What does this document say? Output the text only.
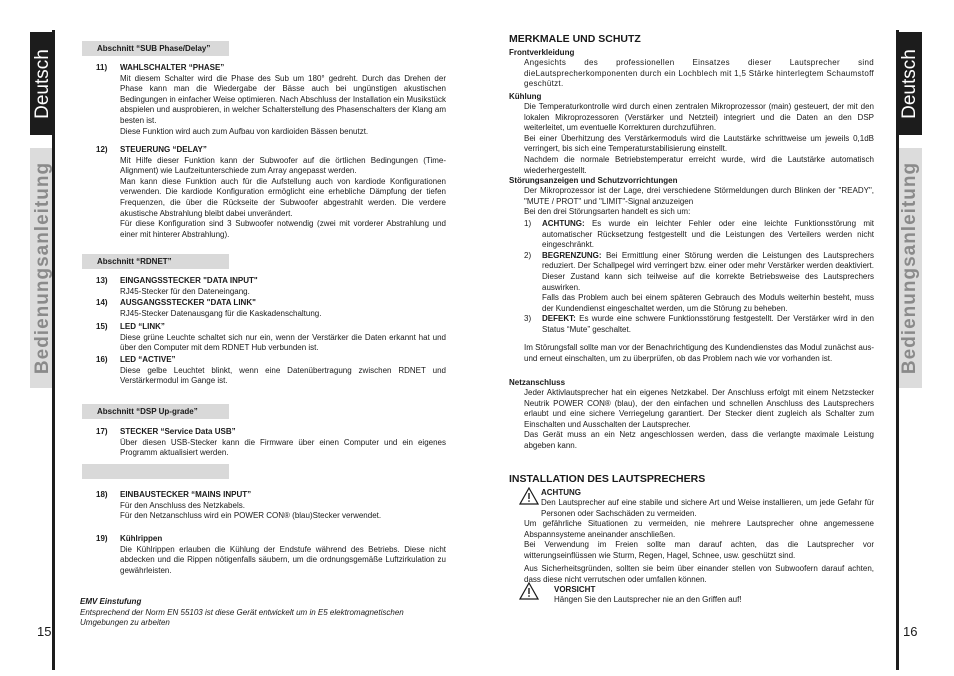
Deutsch
Bedienungsanleitung
15
Abschnitt “SUB Phase/Delay”
11) WAHLSCHALTER “PHASE”
Mit diesem Schalter wird die Phase des Sub um 180° gedreht. Durch das Drehen der Phase kann man die Wiedergabe der Bässe auch bei ungünstigen akustischen Bedingungen in einfacher Weise optimieren. Nach Abschluss der Installation ein Musikstück abspielen und ausprobieren, in welcher Schalterstellung des Phasenschalters der Klang am besten ist.
Diese Funktion wird auch zum Aufbau von kardioiden Bässen benutzt.
12) STEUERUNG “DELAY”
Mit Hilfe dieser Funktion kann der Subwoofer auf die örtlichen Bedingungen (Time-Alignment) wie Laufzeitunterschiede zum Array angepasst werden.
Man kann diese Funktion auch für die Aufstellung auch von kardiode Konfigurationen verwenden. Die kardiode Konfiguration ermöglicht eine erhebliche Dämpfung der tiefen Frequenzen, die über die Rückseite der Subwoofer abgestrahlt werden. Die verdere akustische Abstrahlung bleibt dabei unverändert.
Für diese Konfiguration sind 3 Subwoofer notwendig (zwei mit vorderer Abstrahlung und einer mit hinterer Abstrahlung).
Abschnitt “RDNET”
13) EINGANGSSTECKER "DATA INPUT"
RJ45-Stecker für den Dateneingang.
14) AUSGANGSSTECKER "DATA LINK"
RJ45-Stecker Datenausgang für die Kaskadenschaltung.
15) LED “LINK”
Diese grüne Leuchte schaltet sich nur ein, wenn der Verstärker die Daten erkannt hat und über den Computer mit dem RDNET Hub verbunden ist.
16) LED “ACTIVE”
Diese gelbe Leuchtet blinkt, wenn eine Datenübertragung zwischen RDNET und Verstärkermodul im Gange ist.
Abschnitt “DSP Up-grade”
17) STECKER “Service Data USB”
Über diesen USB-Stecker kann die Firmware über einen Computer und ein eigenes Programm aktualisiert werden.
18) EINBAUSTECKER “MAINS INPUT”
Für den Anschluss des Netzkabels.
Für den Netzanschluss wird ein POWER CON® (blau)Stecker verwendet.
19) Kühlrippen
Die Kühlrippen erlauben die Kühlung der Endstufe während des Betriebs. Diese nicht abdecken und die Rippen nötigenfalls säubern, um die ordnungsgemäße Luftzirkulation zu gewährleisten.
EMV Einstufung
Entsprechend der Norm EN 55103 ist diese Gerät entwickelt um in E5 elektromagnetischen Umgebungen zu arbeiten
Deutsch
Bedienungsanleitung
16
MERKMALE UND SCHUTZ
Frontverkleidung
Angesichts des professionellen Einsatzes dieser Lautsprecher sind dieLautsprecherkomponenten durch ein Lochblech mit 1,5 Stärke hinterlegtem Schaumstoff geschützt.
Kühlung
Die Temperaturkontrolle wird durch einen zentralen Mikroprozessor (main) gesteuert, der mit den lokalen Mikroprozessoren (Verstärker und Netzteil) integriert und die Daten an den DSP weiterleitet, um eventuelle Korrekturen durchzuführen.
Bei einer Überhitzung des Verstärkermoduls wird die Lautstärke schrittweise um jeweils 0,1dB verringert, bis sich eine Temperaturstabilisierung einstellt.
Nachdem die normale Betriebstemperatur erreicht wurde, wird die Lautstärke automatisch wiederhergestellt.
Störungsanzeigen und Schutzvorrichtungen
Der Mikroprozessor ist der Lage, drei verschiedene Störmeldungen durch Blinken der "READY", "MUTE / PROT" und "LIMIT"-Signal anzuzeigen
Bei den drei Störungsarten handelt es sich um:
1) ACHTUNG: Es wurde ein leichter Fehler oder eine leichte Funktionsstörung mit automatischer Rücksetzung festgestellt und die Leistungen des Verteilers werden nicht eingeschränkt.
2) BEGRENZUNG: Bei Ermittlung einer Störung werden die Leistungen des Lautsprechers reduziert. Der Schallpegel wird verringert bzw. einer oder mehr Verstärker werden deaktiviert. Dieser Zustand kann sich teilweise auf die korrekte Betriebsweise des Lautsprechers auswirken.
Falls das Problem auch bei einem späteren Gebrauch des Moduls weiterhin besteht, muss der Kundendienst eingeschaltet werden, um die Störung zu beheben.
3) DEFEKT: Es wurde eine schwere Funktionsstörung festgestellt. Der Verstärker wird in den Status “Mute” geschaltet.
Im Störungsfall sollte man vor der Benachrichtigung des Kundendienstes das Modul zunächst aus- und erneut einschalten, um zu überprüfen, ob das Problem nach wie vor vorhanden ist.
Netzanschluss
Jeder Aktivlautsprecher hat ein eigenes Netzkabel. Der Anschluss erfolgt mit einem Netzstecker Neutrik POWER CON® (blau), der den einfachen und schnellen Anschluss des Lautsprechers erlaubt und eine sichere Verriegelung garantiert. Der Stecker dient zugleich als Schalter zum Einschalten und Ausschalten der Lautsprecher.
Das Gerät muss an ein Netz angeschlossen werden, dass die verlangte maximale Leistung abgeben kann.
INSTALLATION DES LAUTSPRECHERS
ACHTUNG
Den Lautsprecher auf eine stabile und sichere Art und Weise installieren, um jede Gefahr für Personen oder Sachschäden zu vermeiden.
Um gefährliche Situationen zu vermeiden, nie mehrere Lautsprecher ohne angemessene Abspannsysteme aneinander anschließen.
Bei Verwendung im Freien sollte man darauf achten, das die Lautsprecher vor witterungseinflüssen wie Sturm, Regen, Hagel, Schnee, usw. geschützt sind.
Aus Sicherheitsgründen, sollten sie beim über einander stellen von Subwoofern darauf achten, dass diese nicht verrutschen oder umfallen können.
VORSICHT
Hängen Sie den Lautsprecher nie an den Griffen auf!
